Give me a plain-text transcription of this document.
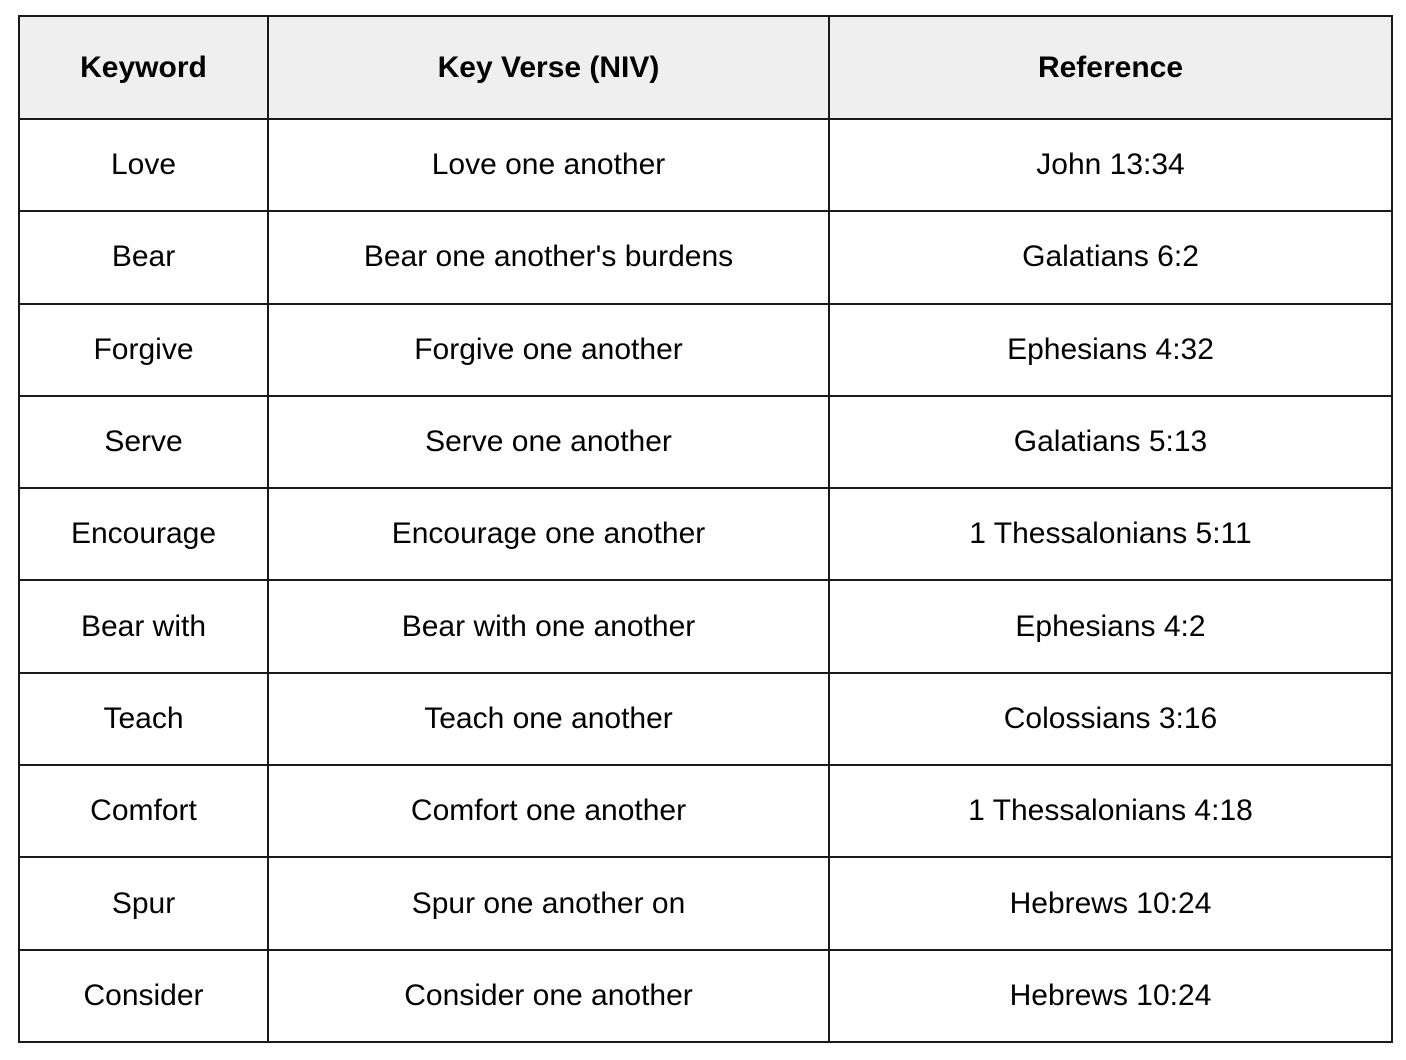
Keyword	Key Verse (NIV)	Reference
Love	Love one another	John 13:34
Bear	Bear one another's burdens	Galatians 6:2
Forgive	Forgive one another	Ephesians 4:32
Serve	Serve one another	Galatians 5:13
Encourage	Encourage one another	1 Thessalonians 5:11
Bear with	Bear with one another	Ephesians 4:2
Teach	Teach one another	Colossians 3:16
Comfort	Comfort one another	1 Thessalonians 4:18
Spur	Spur one another on	Hebrews 10:24
Consider	Consider one another	Hebrews 10:24
